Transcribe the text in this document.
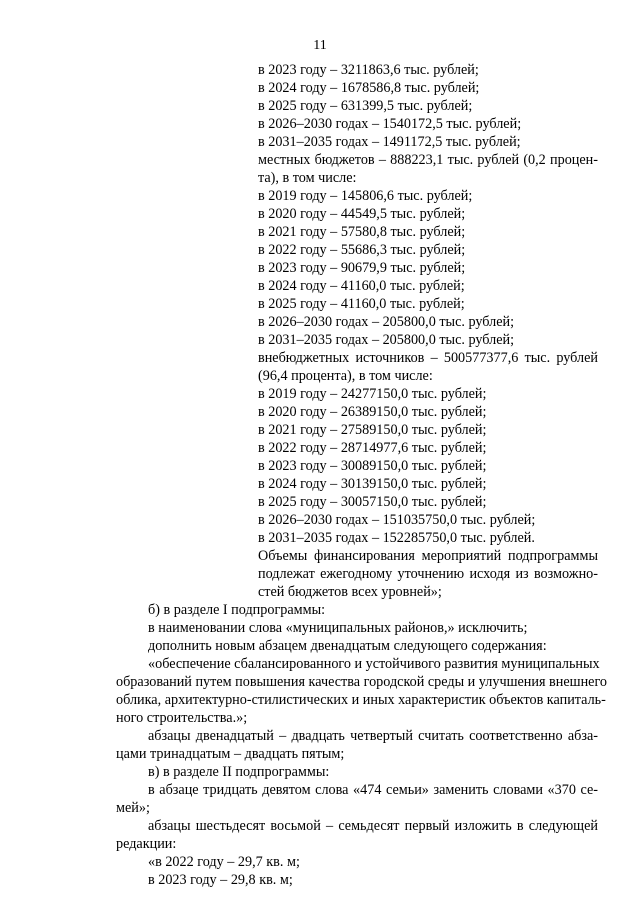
11
в 2023 году – 3211863,6 тыс. рублей;
в 2024 году – 1678586,8 тыс. рублей;
в 2025 году – 631399,5 тыс. рублей;
в 2026–2030 годах – 1540172,5 тыс. рублей;
в 2031–2035 годах – 1491172,5 тыс. рублей;
местных бюджетов – 888223,1 тыс. рублей (0,2 процен-
та), в том числе:
в 2019 году – 145806,6 тыс. рублей;
в 2020 году – 44549,5 тыс. рублей;
в 2021 году – 57580,8 тыс. рублей;
в 2022 году – 55686,3 тыс. рублей;
в 2023 году – 90679,9 тыс. рублей;
в 2024 году – 41160,0 тыс. рублей;
в 2025 году – 41160,0 тыс. рублей;
в 2026–2030 годах – 205800,0 тыс. рублей;
в 2031–2035 годах – 205800,0 тыс. рублей;
внебюджетных источников – 500577377,6 тыс. рублей
(96,4 процента), в том числе:
в 2019 году – 24277150,0 тыс. рублей;
в 2020 году – 26389150,0 тыс. рублей;
в 2021 году – 27589150,0 тыс. рублей;
в 2022 году – 28714977,6 тыс. рублей;
в 2023 году – 30089150,0 тыс. рублей;
в 2024 году – 30139150,0 тыс. рублей;
в 2025 году – 30057150,0 тыс. рублей;
в 2026–2030 годах – 151035750,0 тыс. рублей;
в 2031–2035 годах – 152285750,0 тыс. рублей.
Объемы финансирования мероприятий подпрограммы
подлежат ежегодному уточнению исходя из возможно-
стей бюджетов всех уровней»;
б) в разделе I подпрограммы:
в наименовании слова «муниципальных районов,» исключить;
дополнить новым абзацем двенадцатым следующего содержания:
«обеспечение сбалансированного и устойчивого развития муниципальных
образований путем повышения качества городской среды и улучшения внешнего
облика, архитектурно-стилистических и иных характеристик объектов капиталь-
ного строительства.»;
абзацы двенадцатый – двадцать четвертый считать соответственно абза-
цами тринадцатым – двадцать пятым;
в) в разделе II подпрограммы:
в абзаце тридцать девятом слова «474 семьи» заменить словами «370 се-
мей»;
абзацы шестьдесят восьмой – семьдесят первый изложить в следующей
редакции:
«в 2022 году – 29,7 кв. м;
в 2023 году – 29,8 кв. м;
